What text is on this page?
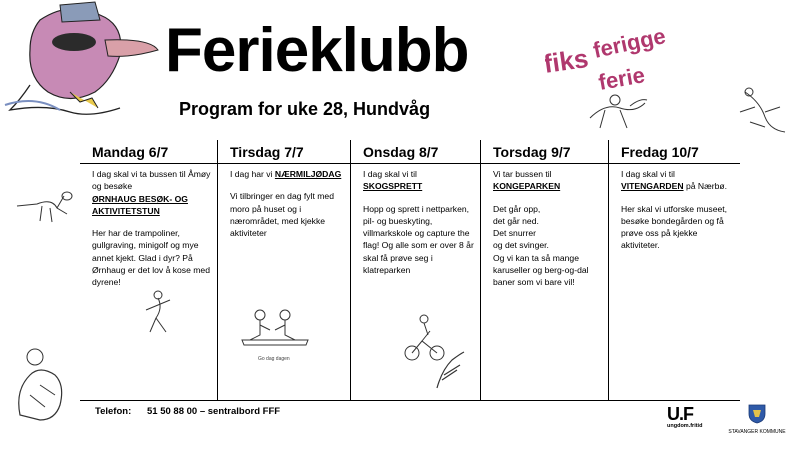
Ferieklubb
Program for uke 28, Hundvåg
fiks ferigge
ferie
Go dag dagen
Mandag 6/7
I dag skal vi ta bussen til Åmøy og besøke

ØRNHAUG BESØK- OG AKTIVITETSTUN

Her har de trampoliner, gullgraving, minigolf og mye annet kjekt. Glad i dyr? På Ørnhaug er det lov å kose med dyrene!

Tirsdag 7/7

I dag har vi NÆRMILJØDAG

Vi tilbringer en dag fylt med moro på huset og i nærområdet, med kjekke aktiviteter

Onsdag 8/7
I dag skal vi til

SKOGSPRETT

Hopp og sprett i nettparken, pil- og bueskyting, villmarkskole og capture the flag! Og alle som er over 8 år skal få prøve seg i klatreparken

Torsdag 9/7
Vi tar bussen til

KONGEPARKEN

Det går opp,
det går ned.
Det snurrer
og det svinger.
Og vi kan ta så mange karuseller og berg-og-dal baner som vi bare vil!

Fredag 10/7
I dag skal vi til

VITENGARDEN på Nærbø.

Her skal vi utforske museet, besøke bondegården og få prøve oss på kjekke aktiviteter.

Telefon: 51 50 88 00 – sentralbord FFF	U.F
ungdom.fritid
STAVANGER KOMMUNE
